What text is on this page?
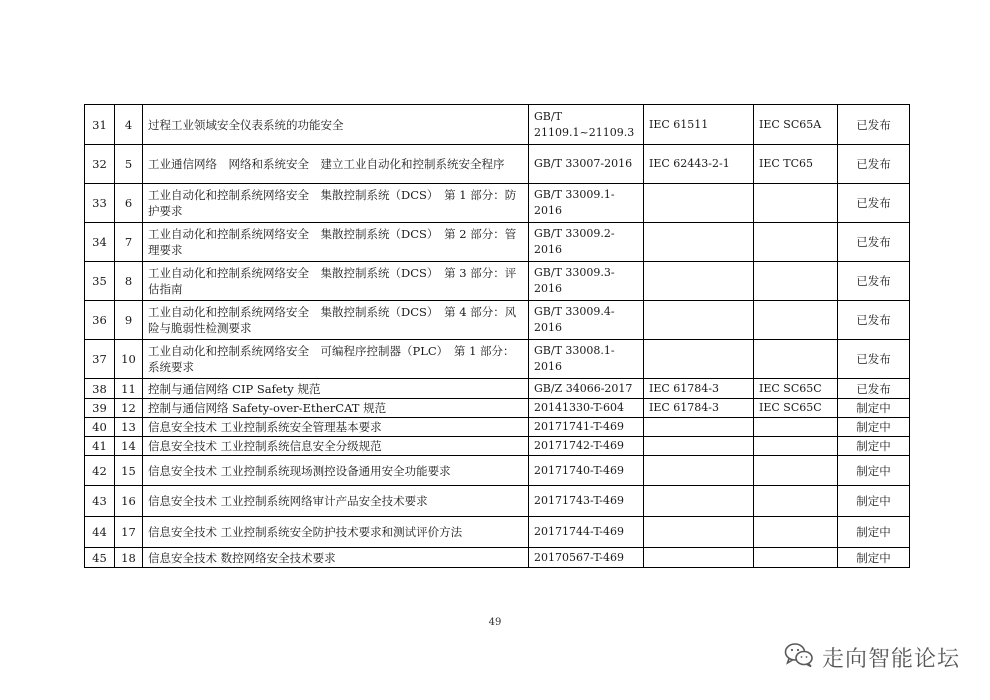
31	4	过程工业领域安全仪表系统的功能安全	GB/T 21109.1~21109.3	IEC 61511	IEC SC65A	已发布
32	5	工业通信网络　网络和系统安全　建立工业自动化和控制系统安全程序	GB/T 33007-2016	IEC 62443-2-1	IEC TC65	已发布
33	6	工业自动化和控制系统网络安全　集散控制系统（DCS）　第 1 部分：防护要求	GB/T 33009.1-2016			已发布
34	7	工业自动化和控制系统网络安全　集散控制系统（DCS）　第 2 部分：管理要求	GB/T 33009.2-2016			已发布
35	8	工业自动化和控制系统网络安全　集散控制系统（DCS）　第 3 部分：评估指南	GB/T 33009.3-2016			已发布
36	9	工业自动化和控制系统网络安全　集散控制系统（DCS）　第 4 部分：风险与脆弱性检测要求	GB/T 33009.4-2016			已发布
37	10	工业自动化和控制系统网络安全　可编程序控制器（PLC）　第 1 部分：系统要求	GB/T 33008.1-2016			已发布
38	11	控制与通信网络 CIP Safety 规范	GB/Z 34066-2017	IEC 61784-3	IEC SC65C	已发布
39	12	控制与通信网络 Safety-over-EtherCAT 规范	20141330-T-604	IEC 61784-3	IEC SC65C	制定中
40	13	信息安全技术 工业控制系统安全管理基本要求	20171741-T-469			制定中
41	14	信息安全技术 工业控制系统信息安全分级规范	20171742-T-469			制定中
42	15	信息安全技术 工业控制系统现场测控设备通用安全功能要求	20171740-T-469			制定中
43	16	信息安全技术 工业控制系统网络审计产品安全技术要求	20171743-T-469			制定中
44	17	信息安全技术 工业控制系统安全防护技术要求和测试评价方法	20171744-T-469			制定中
45	18	信息安全技术 数控网络安全技术要求	20170567-T-469			制定中
49
走向智能论坛
